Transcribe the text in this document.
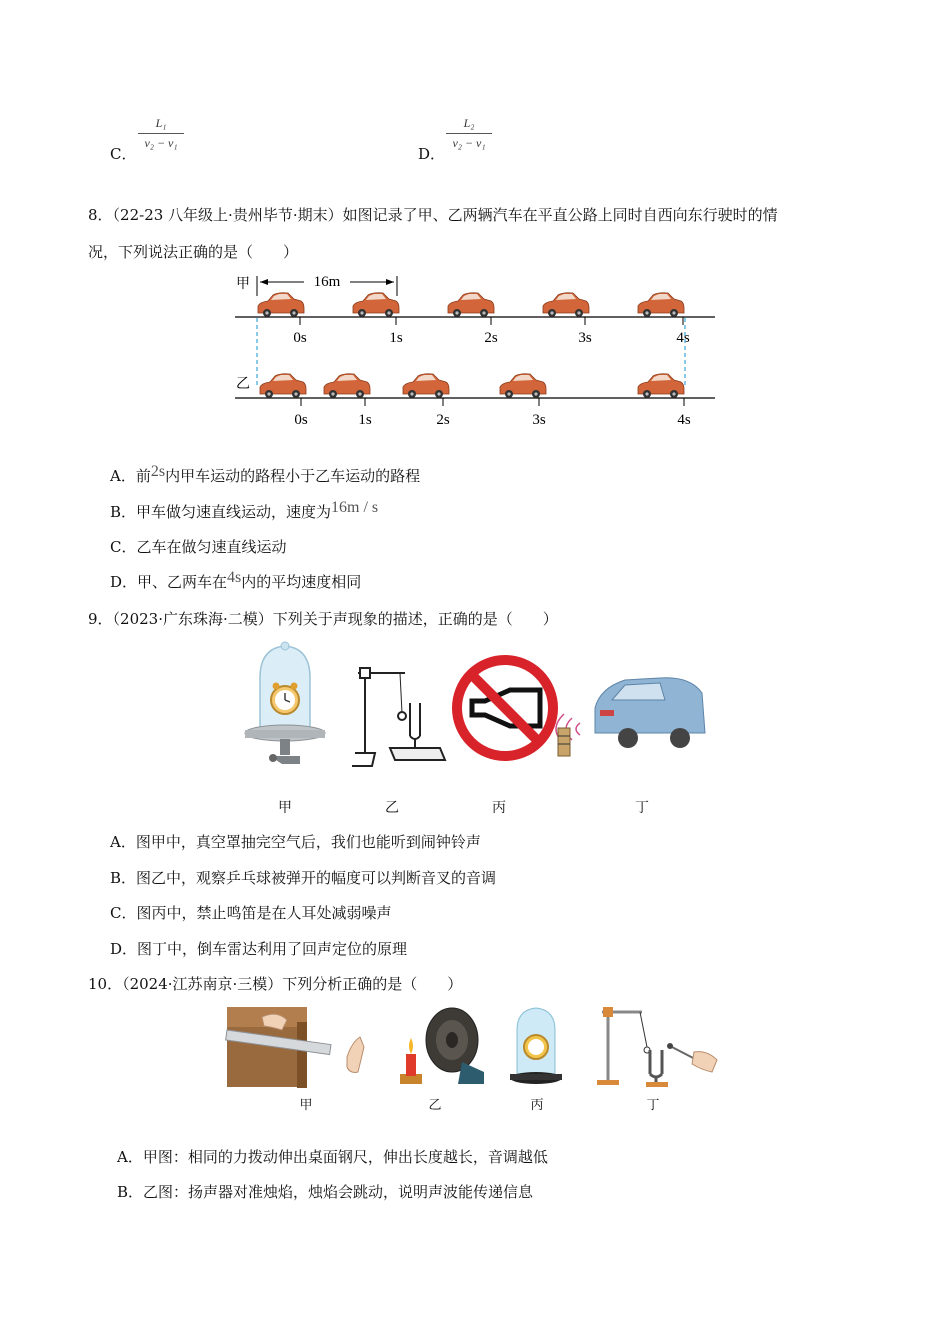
C．
L₁
v₂ − v₁
D．
L₂
v₂ − v₁
8．（22-23 八年级上·贵州毕节·期末）如图记录了甲、乙两辆汽车在平直公路上同时自西向东行驶时的情
况，下列说法正确的是（　　）
甲	16m
0s	1s	2s	3s	4s
乙
0s	1s	2s	3s	4s
A．前2s内甲车运动的路程小于乙车运动的路程
B．甲车做匀速直线运动，速度为16m / s
C．乙车在做匀速直线运动
D．甲、乙两车在4s内的平均速度相同
9．（2023·广东珠海·二模）下列关于声现象的描述，正确的是（　　）
甲	乙	丙	丁
A．图甲中，真空罩抽完空气后，我们也能听到闹钟铃声
B．图乙中，观察乒乓球被弹开的幅度可以判断音叉的音调
C．图丙中，禁止鸣笛是在人耳处减弱噪声
D．图丁中，倒车雷达利用了回声定位的原理
10．（2024·江苏南京·三模）下列分析正确的是（　　）
甲	乙	丙	丁
A．甲图：相同的力拨动伸出桌面钢尺，伸出长度越长，音调越低
B．乙图：扬声器对准烛焰，烛焰会跳动，说明声波能传递信息
